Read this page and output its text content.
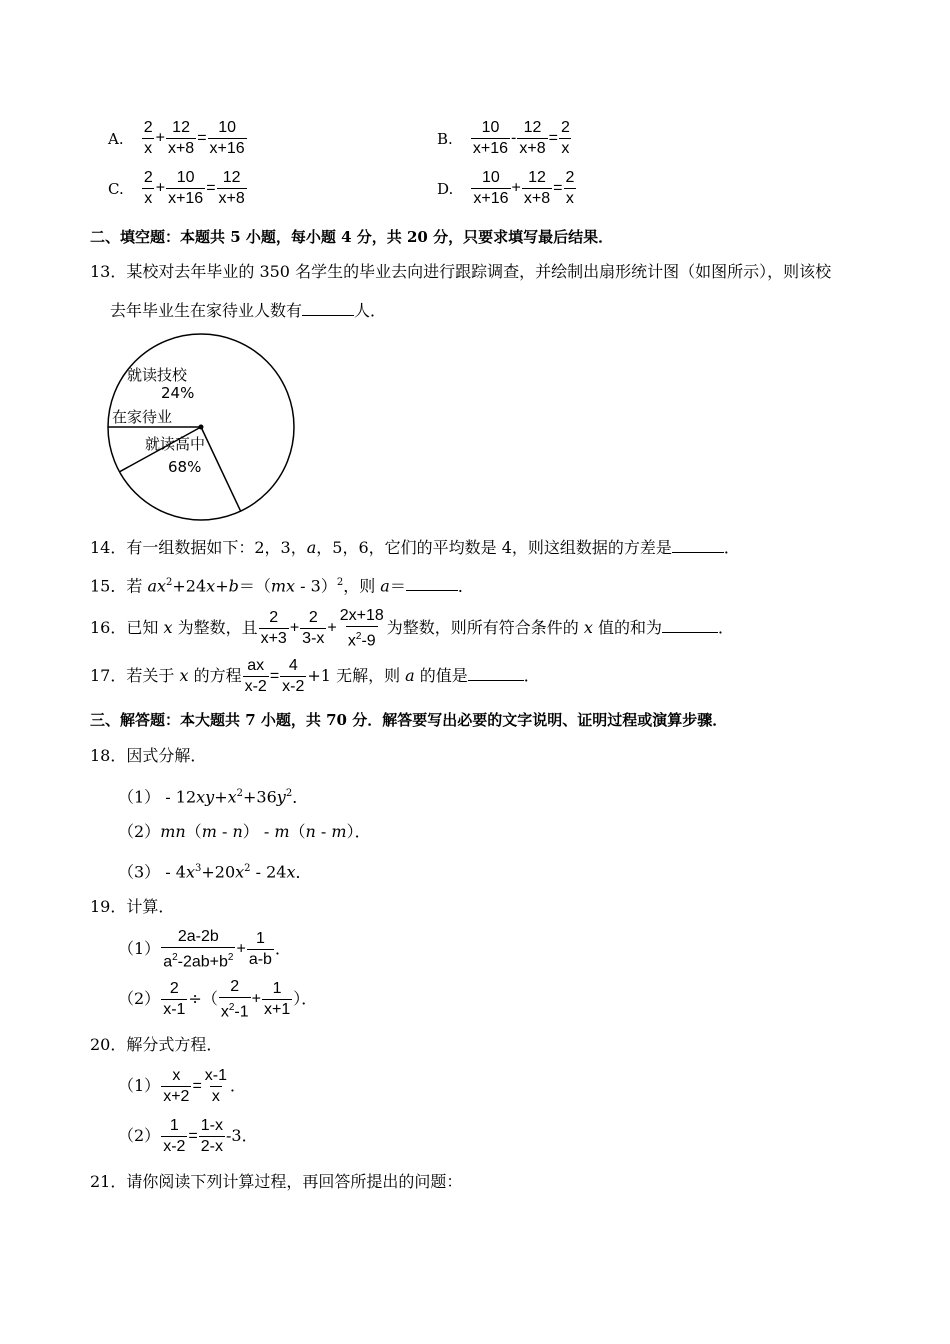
A. $\frac{2}{x} + \frac{12}{x+8} = \frac{10}{x+16}$	B. $\frac{10}{x+16} - \frac{12}{x+8} = \frac{2}{x}$
C. $\frac{2}{x} + \frac{10}{x+16} = \frac{12}{x+8}$	D. $\frac{10}{x+16} + \frac{12}{x+8} = \frac{2}{x}$
二、填空题：本题共 5 小题，每小题 4 分，共 20 分，只要求填写最后结果．
13．某校对去年毕业的 350 名学生的毕业去向进行跟踪调查，并绘制出扇形统计图（如图所示），则该校
去年毕业生在家待业人数有	人．
就读技校
24%
在家待业
就读高中
68%
14．有一组数据如下：2，3，a，5，6，它们的平均数是 4，则这组数据的方差是	．
15．若 $ax^2+24x+b=(mx - 3)^2$，则 a＝	．
16．已知 x 为整数，且 $\frac{2}{x+3} + \frac{2}{3-x} + \frac{2x+18}{x^2-9}$ 为整数，则所有符合条件的 x 值的和为	．
17．若关于 x 的方程 $\frac{ax}{x-2} = \frac{4}{x-2} +1$ 无解，则 a 的值是	．
三、解答题：本大题共 7 小题，共 70 分．解答要写出必要的文字说明、证明过程或演算步骤．
18．因式分解．
$(1) - 12xy+x^2+36y^2$．
（2）mn（m - n） - m（n - m）．
$(3) - 4x^3+20x^2 - 24x$．
19．计算．
$(1) \frac{2a-2b}{a^2-2ab+b^2} + \frac{1}{a-b}$ ．
$(2) \frac{2}{x-1}$ ÷（ $\frac{2}{x^2-1} + \frac{1}{x+1}$ ）．
20．解分式方程．
$(1) \frac{x}{x+2} = \frac{x-1}{x}$ ．
$(2) \frac{1}{x-2} = \frac{1-x}{2-x} -3$．
21．请你阅读下列计算过程，再回答所提出的问题：
